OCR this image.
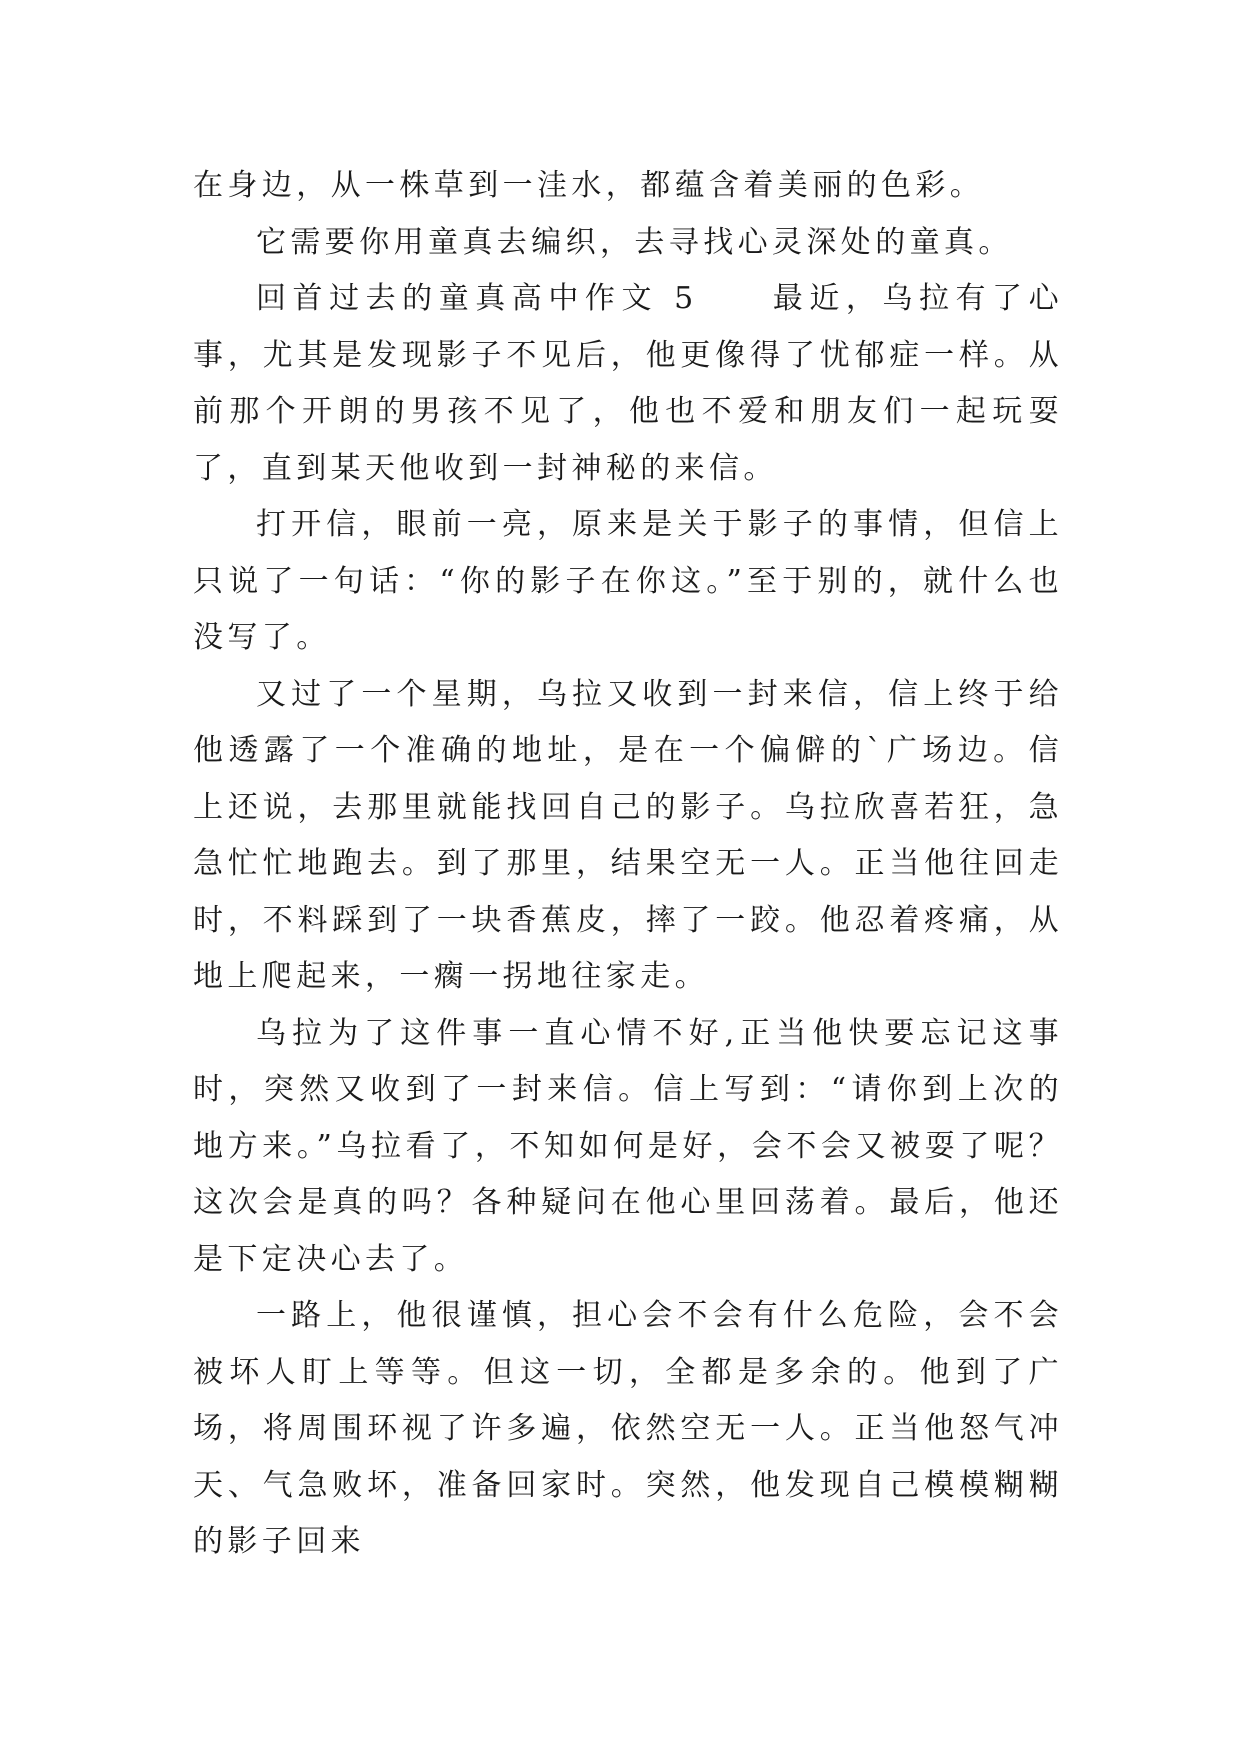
在身边，从一株草到一洼水，都蕴含着美丽的色彩。

它需要你用童真去编织，去寻找心灵深处的童真。

回首过去的童真高中作文 5　　最近，乌拉有了心事，尤其是发现影子不见后，他更像得了忧郁症一样。从前那个开朗的男孩不见了，他也不爱和朋友们一起玩耍了，直到某天他收到一封神秘的来信。

打开信，眼前一亮，原来是关于影子的事情，但信上只说了一句话：“你的影子在你这。”至于别的，就什么也没写了。

又过了一个星期，乌拉又收到一封来信，信上终于给他透露了一个准确的地址，是在一个偏僻的`广场边。信上还说，去那里就能找回自己的影子。乌拉欣喜若狂，急急忙忙地跑去。到了那里，结果空无一人。正当他往回走时，不料踩到了一块香蕉皮，摔了一跤。他忍着疼痛，从地上爬起来，一瘸一拐地往家走。

乌拉为了这件事一直心情不好,正当他快要忘记这事时，突然又收到了一封来信。信上写到：“请你到上次的地方来。”乌拉看了，不知如何是好，会不会又被耍了呢？这次会是真的吗？各种疑问在他心里回荡着。最后，他还是下定决心去了。

一路上，他很谨慎，担心会不会有什么危险，会不会被坏人盯上等等。但这一切，全都是多余的。他到了广场，将周围环视了许多遍，依然空无一人。正当他怒气冲天、气急败坏，准备回家时。突然，他发现自己模模糊糊的影子回来
